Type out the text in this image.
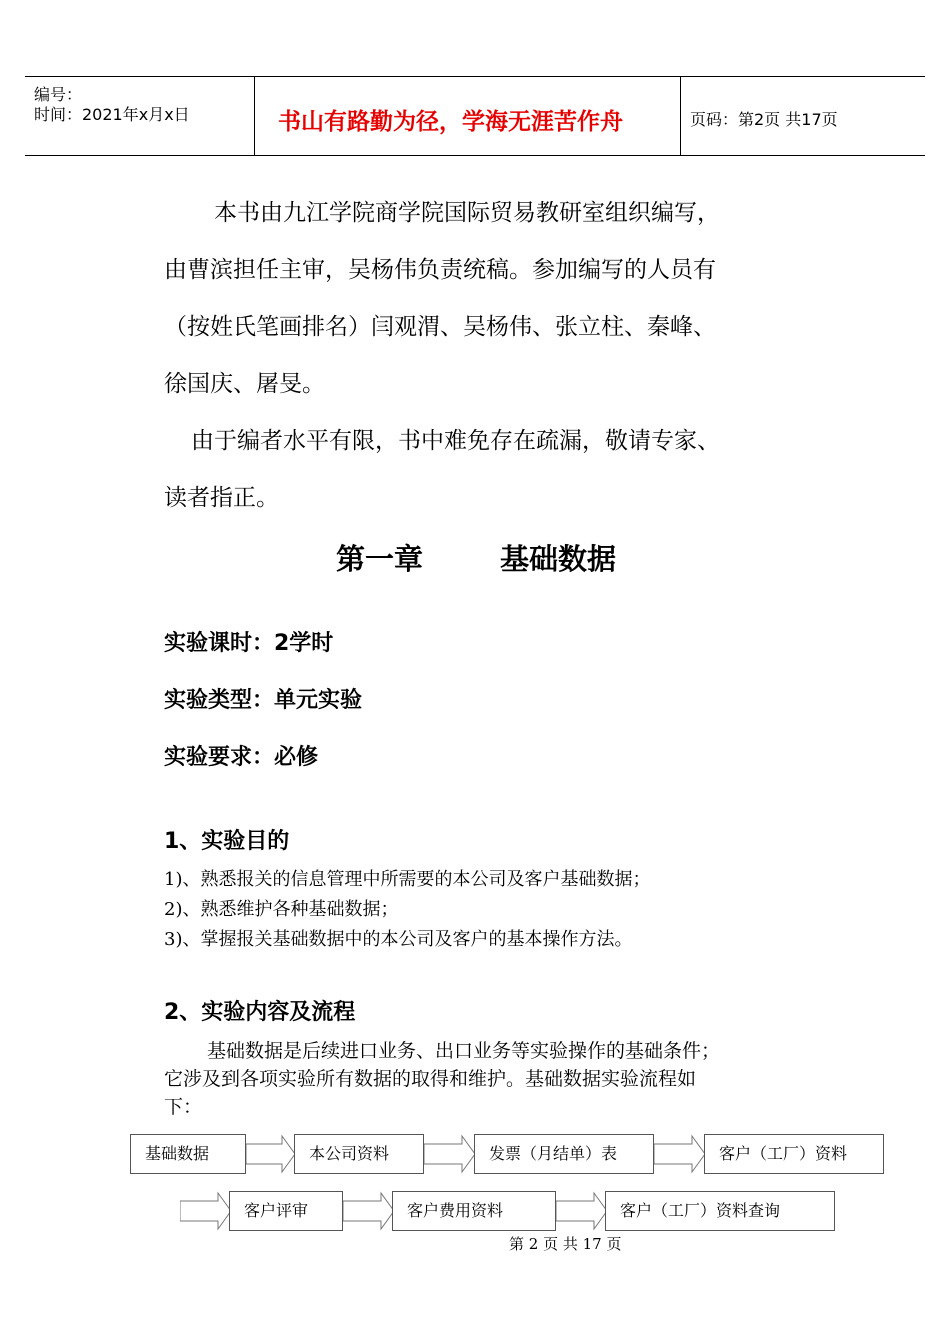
编号：
时间：2021年x月x日	书山有路勤为径，学海无涯苦作舟	页码：第2页 共17页
本书由九江学院商学院国际贸易教研室组织编写，
由曹滨担任主审，吴杨伟负责统稿。参加编写的人员有
（按姓氏笔画排名）闫观渭、吴杨伟、张立柱、秦峰、
徐国庆、屠旻。
由于编者水平有限，书中难免存在疏漏，敬请专家、
读者指正。
第一章	基础数据
实验课时：2学时
实验类型：单元实验
实验要求：必修
1、实验目的
1)、熟悉报关的信息管理中所需要的本公司及客户基础数据；
2)、熟悉维护各种基础数据；
3)、掌握报关基础数据中的本公司及客户的基本操作方法。
2、实验内容及流程
基础数据是后续进口业务、出口业务等实验操作的基础条件；
它涉及到各项实验所有数据的取得和维护。基础数据实验流程如
下：
基础数据	本公司资料	发票（月结单）表	客户（工厂）资料
客户评审	客户费用资料	客户（工厂）资料查询
第 2 页 共 17 页
